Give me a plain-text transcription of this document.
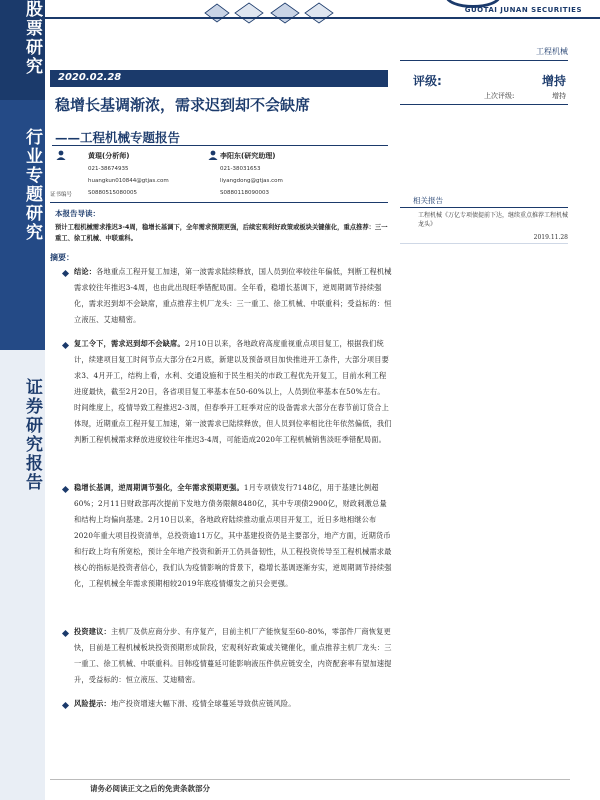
股票研究
行业专题研究
证券研究报告
GUOTAI JUNAN SECURITIES
工程机械
2020.02.28
稳增长基调渐浓，需求迟到却不会缺席
——工程机械专题报告
评级:	增持
上次评级:	增持
黄琨(分析师)
021-38674935
huangkun010844@gtjas.com
证书编号	S0880515080005
李阳东(研究助理)
021-38031653
liyangdong@gtjas.com
S0880118090003
相关报告
工程机械《万亿专项债提前下达，继续重点推荐工程机械龙头》
2019.11.28
本报告导读：
预计工程机械需求推迟3-4周，稳增长基调下，全年需求预期更强，后续宏观利好政策或板块关键催化，重点推荐：三一重工、徐工机械、中联重科。
摘要：
结论：各地重点工程开复工加速，第一波需求陆续释放，国人员到位率较往年偏低，判断工程机械需求较往年推迟3-4周，也由此出现旺季错配局面。全年看，稳增长基调下，逆周期调节持续强化，需求迟到却不会缺席，重点推荐主机厂龙头：三一重工、徐工机械、中联重科；受益标的：恒立液压、艾迪精密。
复工令下，需求迟到却不会缺席。2月10日以来，各地政府高度重视重点项目复工，根据我们统计，续建项目复工时间节点大部分在2月底，新建以及预备项目加快推进开工条件，大部分项目要求3、4月开工，结构上看，水利、交通设施和于民生相关的市政工程优先开复工，目前水利工程进度最快，截至2月20日，各省项目复工率基本在50-60%以上，人员到位率基本在50%左右。时间维度上，疫情导致工程推迟2-3周，但春季开工旺季对应的设备需求大部分在春节前订货合上体现，近期重点工程开复工加速，第一波需求已陆续释放，但人员到位率相比往年依然偏低，我们判断工程机械需求释放进度较往年推迟3-4周，可能造成2020年工程机械销售淡旺季错配局面。
稳增长基调，逆周期调节强化，全年需求预期更强。1月专项债发行7148亿，用于基建比例超60%；2月11日财政部再次提前下发地方债务限额8480亿，其中专项债2900亿，财政刺激总量和结构上均偏向基建。2月10日以来，各地政府陆续推动重点项目开复工，近日多地相继公布2020年重大项目投资清单，总投资逾11万亿，其中基建投资仍是主要部分，地产方面，近期货币和行政上均有所宽松，预计全年地产投资和新开工仍具备韧性，从工程投资传导至工程机械需求最核心的指标是投资者信心，我们认为疫情影响的背景下，稳增长基调逐渐夯实，逆周期调节持续强化，工程机械全年需求预期相较2019年底疫情爆发之前只会更强。
投资建议：主机厂及供应商分步、有序复产，目前主机厂产能恢复至60-80%，零部件厂商恢复更快，目前是工程机械板块投资预期形成阶段，宏观利好政策或关键催化，重点推荐主机厂龙头：三一重工、徐工机械、中联重科。目韩疫情蔓延可能影响液压件供应链安全，内资配套率有望加速提升，受益标的：恒立液压、艾迪精密。
风险提示：地产投资增速大幅下滑、疫情全球蔓延导致供应链风险。
请务必阅读正文之后的免责条款部分
